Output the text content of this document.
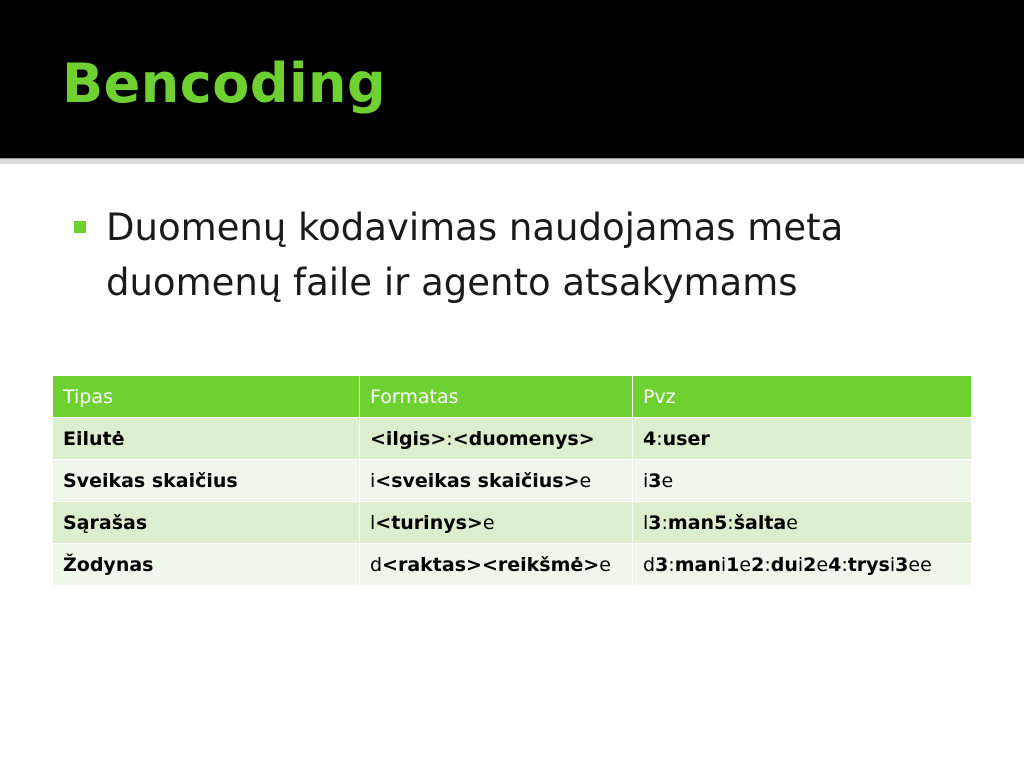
Bencoding
Duomenų kodavimas naudojamas meta duomenų faile ir agento atsakymams
Tipas	Formatas	Pvz
Eilutė	<ilgis>:<duomenys>	4:user
Sveikas skaičius	i<sveikas skaičius>e	i3e
Sąrašas	l<turinys>e	l3:man5:šaltae
Žodynas	d<raktas><reikšmė>e	d3:mani1e2:dui2e4:trysi3ee
